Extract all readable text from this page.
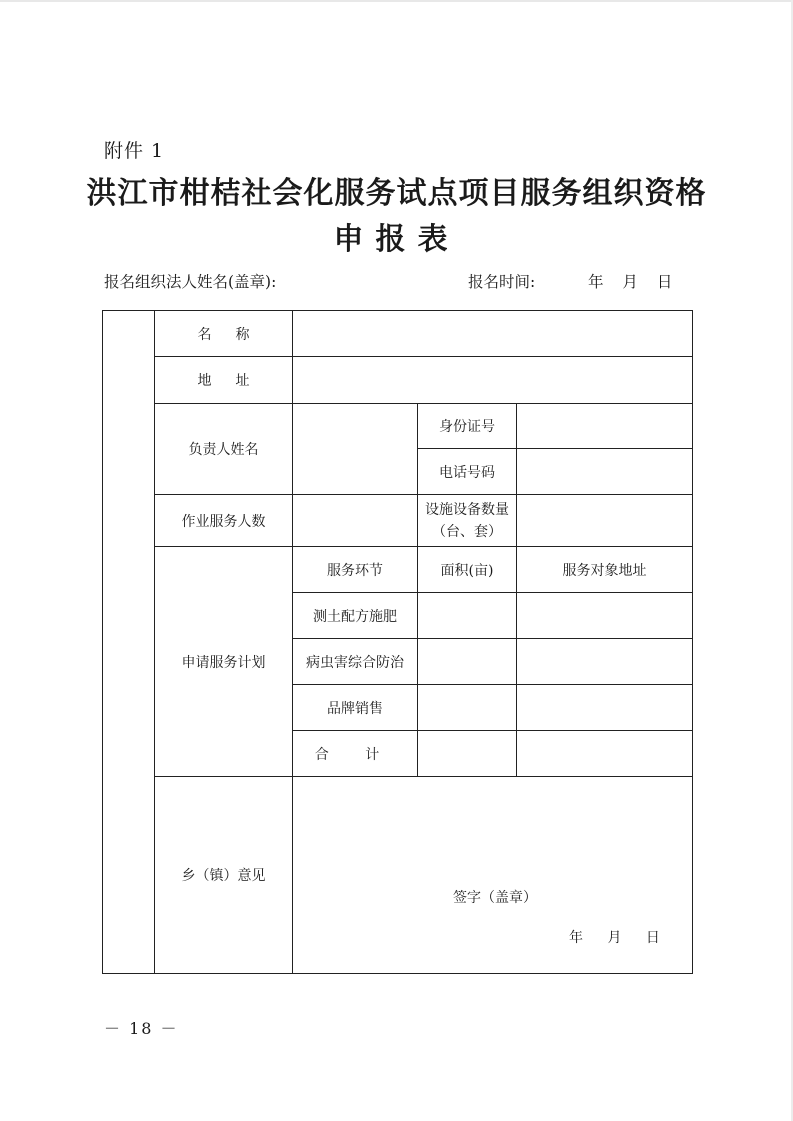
附件 1
洪江市柑桔社会化服务试点项目服务组织资格
申报表
报名组织法人姓名(盖章):	报名时间:	年 月 日
	名称			
	地址			
	负责人姓名		身份证号	
			电话号码	
	作业服务人数		设施设备数量（台、套）	
	申请服务计划	服务环节	面积(亩)	服务对象地址
		测土配方施肥		
		病虫害综合防治		
		品牌销售		
		合 计		
	乡（镇）意见	签字（盖章）
年 月 日		
－ 18 －
